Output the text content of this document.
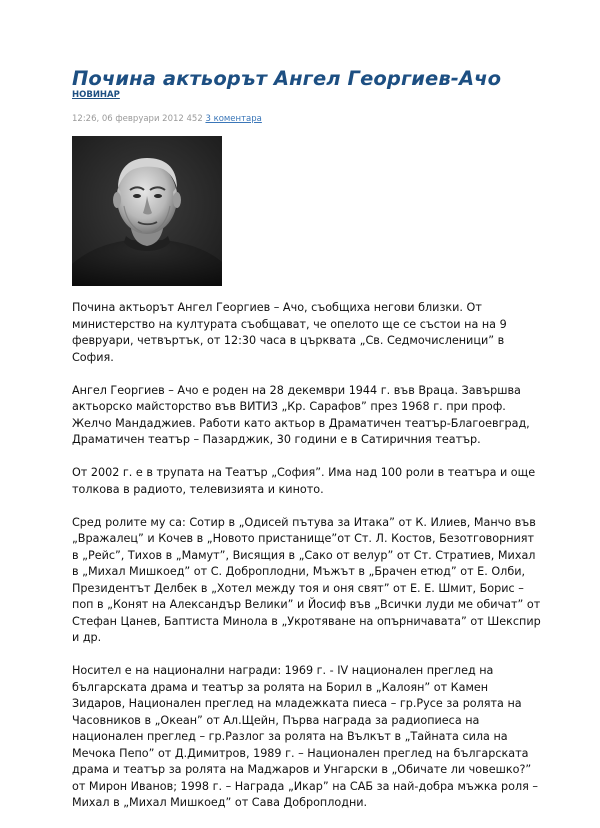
Почина актьорът Ангел Георгиев-Ачо
НОВИНАР
12:26, 06 февруари 2012 452 3 коментара

Почина актьорът Ангел Георгиев – Ачо, съобщиха негови близки. От министерство на културата съобщават, че опелото ще се състои на на 9 февруари, четвъртък, от 12:30 часа в църквата „Св. Седмочисленици” в София.

Ангел Георгиев – Ачо е роден на 28 декември 1944 г. във Враца. Завършва актьорско майсторство във ВИТИЗ „Кр. Сарафов” през 1968 г. при проф. Желчо Мандаджиев. Работи като актьор в Драматичен театър-Благоевград, Драматичен театър – Пазарджик, 30 години е в Сатиричния театър.

От 2002 г. е в трупата на Театър „София”. Има над 100 роли в театъра и още толкова в радиото, телевизията и киното.

Сред ролите му са: Сотир в „Одисей пътува за Итака” от К. Илиев, Манчо във „Вражалец” и Кочев в „Новото пристанище”от Ст. Л. Костов, Безотговорният в „Рейс”, Тихов в „Мамут”, Висящия в „Сако от велур” от Ст. Стратиев, Михал в „Михал Мишкоед” от С. Доброплодни, Мъжът в „Брачен етюд” от Е. Олби, Президентът Делбек в „Хотел между тоя и оня свят” от Е. Е. Шмит, Борис – поп в „Конят на Александър Велики” и Йосиф във „Всички луди ме обичат” от Стефан Цанев, Баптиста Минола в „Укротяване на опърничавата” от Шекспир и др.

Носител е на национални награди: 1969 г. - IV национален преглед на българската драма и театър за ролята на Борил в „Калоян” от Камен Зидаров, Национален преглед на младежката пиеса – гр.Русе за ролята на Часовников в „Океан” от Ал.Щейн, Първа награда за радиопиеса на национален преглед – гр.Разлог за ролята на Вълкът в „Тайната сила на Мечока Пепо” от Д.Димитров, 1989 г. – Национален преглед на българската драма и театър за ролята на Маджаров и Унгарски в „Обичате ли човешко?” от Мирон Иванов; 1998 г. – Награда „Икар” на САБ за най-добра мъжка роля – Михал в „Михал Мишкоед” от Сава Доброплодни.
